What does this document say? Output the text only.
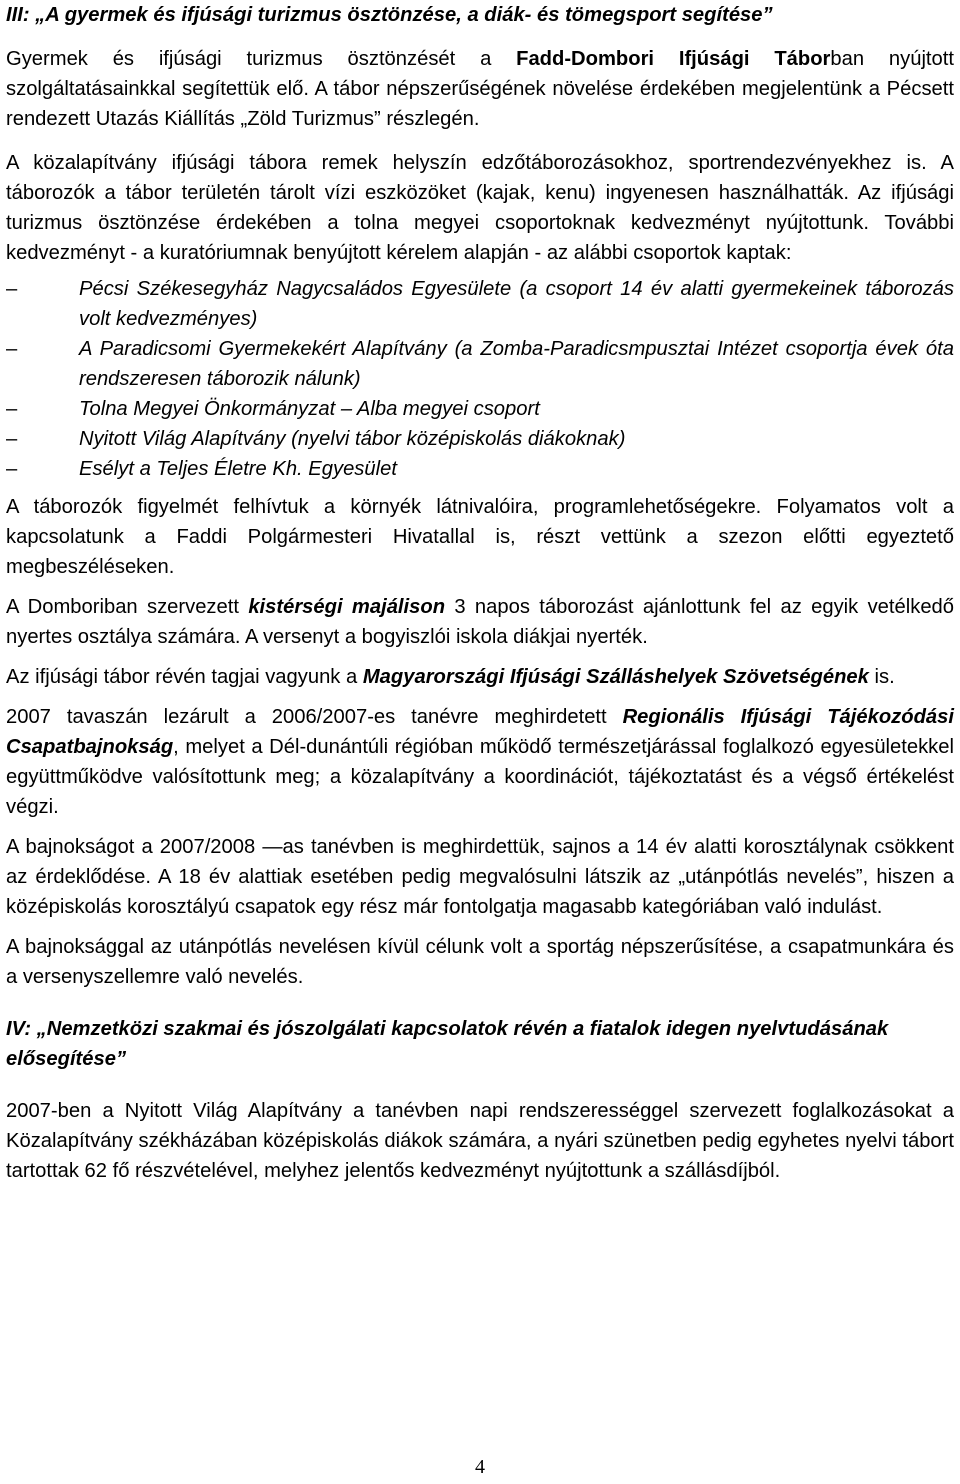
III: „A gyermek és ifjúsági turizmus ösztönzése, a diák- és tömegsport segítése”

Gyermek és ifjúsági turizmus ösztönzését a Fadd-Dombori Ifjúsági Táborban nyújtott szolgáltatásainkkal segítettük elő. A tábor népszerűségének növelése érdekében megjelentünk a Pécsett rendezett Utazás Kiállítás „Zöld Turizmus” részlegén.

A közalapítvány ifjúsági tábora remek helyszín edzőtáborozásokhoz, sportrendezvényekhez is. A táborozók a tábor területén tárolt vízi eszközöket (kajak, kenu) ingyenesen használhatták. Az ifjúsági turizmus ösztönzése érdekében a tolna megyei csoportoknak kedvezményt nyújtottunk. További kedvezményt - a kuratóriumnak benyújtott kérelem alapján - az alábbi csoportok kaptak:

–	Pécsi Székesegyház Nagycsaládos Egyesülete (a csoport 14 év alatti gyermekeinek táborozás volt kedvezményes)
–	A Paradicsomi Gyermekekért Alapítvány (a Zomba-Paradicsmpusztai Intézet csoportja évek óta rendszeresen táborozik nálunk)
–	Tolna Megyei Önkormányzat – Alba megyei csoport
–	Nyitott Világ Alapítvány (nyelvi tábor középiskolás diákoknak)
–	Esélyt a Teljes Életre Kh. Egyesület

A táborozók figyelmét felhívtuk a környék látnivalóira, programlehetőségekre. Folyamatos volt a kapcsolatunk a Faddi Polgármesteri Hivatallal is, részt vettünk a szezon előtti egyeztető megbeszéléseken.

A Domboriban szervezett kistérségi majálison 3 napos táborozást ajánlottunk fel az egyik vetélkedő nyertes osztálya számára. A versenyt a bogyiszlói iskola diákjai nyerték.

Az ifjúsági tábor révén tagjai vagyunk a Magyarországi Ifjúsági Szálláshelyek Szövetségének is.

2007 tavaszán lezárult a 2006/2007-es tanévre meghirdetett Regionális Ifjúsági Tájékozódási Csapatbajnokság, melyet a Dél-dunántúli régióban működő természetjárással foglalkozó egyesületekkel együttműködve valósítottunk meg; a közalapítvány a koordinációt, tájékoztatást és a végső értékelést végzi.

A bajnokságot a 2007/2008 —as tanévben is meghirdettük, sajnos a 14 év alatti korosztálynak csökkent az érdeklődése. A 18 év alattiak esetében pedig megvalósulni látszik az „utánpótlás nevelés”, hiszen a középiskolás korosztályú csapatok egy rész már fontolgatja magasabb kategóriában való indulást.

A bajnoksággal az utánpótlás nevelésen kívül célunk volt a sportág népszerűsítése, a csapatmunkára és a versenyszellemre való nevelés.

IV: „Nemzetközi szakmai és jószolgálati kapcsolatok révén a fiatalok idegen nyelvtudásának elősegítése”

2007-ben a Nyitott Világ Alapítvány a tanévben napi rendszerességgel szervezett foglalkozásokat a Közalapítvány székházában középiskolás diákok számára, a nyári szünetben pedig egyhetes nyelvi tábort tartottak 62 fő részvételével, melyhez jelentős kedvezményt nyújtottunk a szállásdíjból.

4
